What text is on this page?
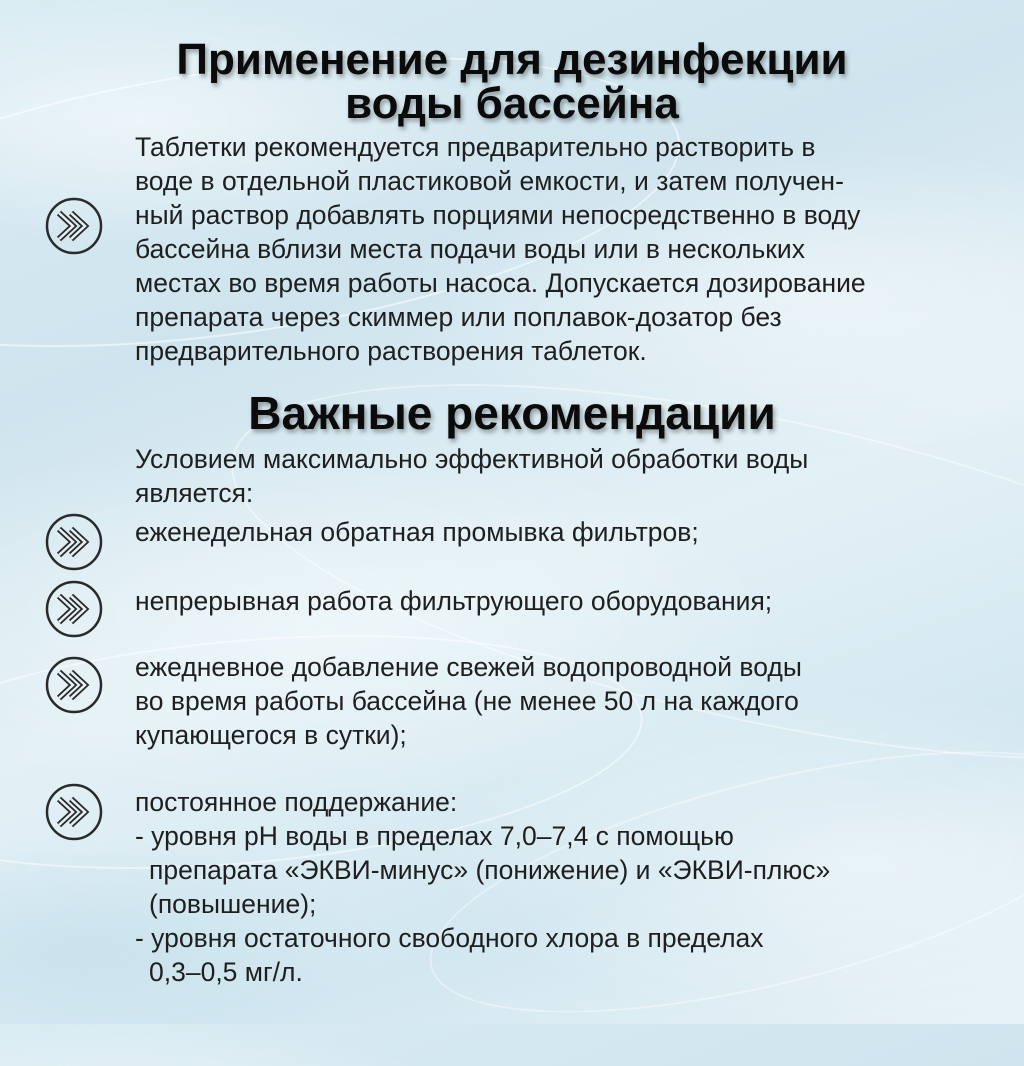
Применение для дезинфекции
воды бассейна

Таблетки рекомендуется предварительно растворить в
воде в отдельной пластиковой емкости, и затем получен-
ный раствор добавлять порциями непосредственно в воду
бассейна вблизи места подачи воды или в нескольких
местах во время работы насоса. Допускается дозирование
препарата через скиммер или поплавок-дозатор без
предварительного растворения таблеток.

Важные рекомендации

Условием максимально эффективной обработки воды
является:

еженедельная обратная промывка фильтров;

непрерывная работа фильтрующего оборудования;

ежедневное добавление свежей водопроводной воды
во время работы бассейна (не менее 50 л на каждого
купающегося в сутки);

постоянное поддержание:
- уровня pH воды в пределах 7,0–7,4 с помощью
препарата «ЭКВИ-минус» (понижение) и «ЭКВИ-плюс»
(повышение);
- уровня остаточного свободного хлора в пределах
0,3–0,5 мг/л.
